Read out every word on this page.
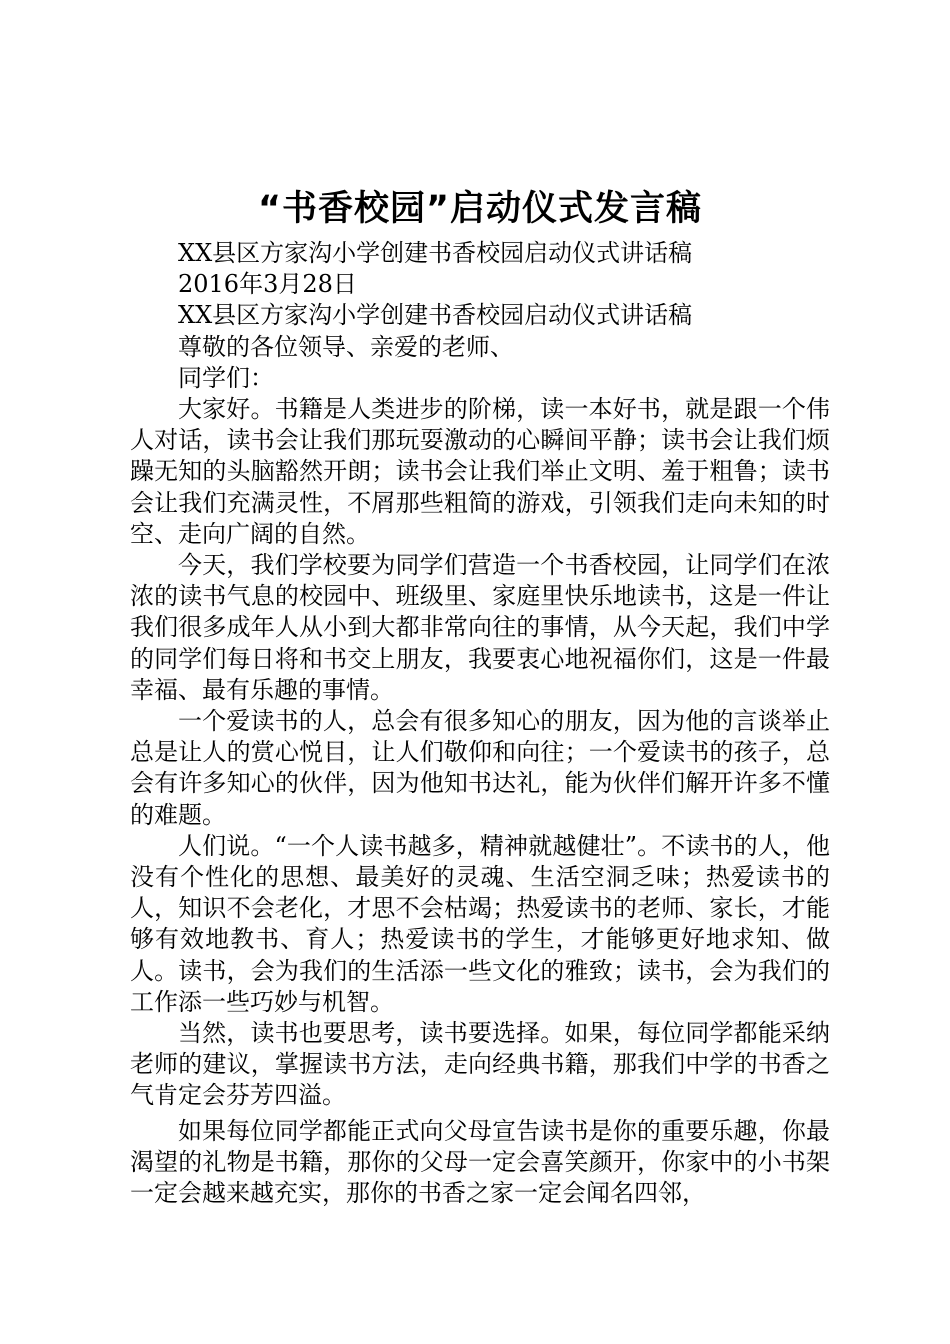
“书香校园”启动仪式发言稿

XX县区方家沟小学创建书香校园启动仪式讲话稿

2016年3月28日

XX县区方家沟小学创建书香校园启动仪式讲话稿

尊敬的各位领导、亲爱的老师、

同学们：

大家好。书籍是人类进步的阶梯，读一本好书，就是跟一个伟人对话，读书会让我们那玩耍激动的心瞬间平静；读书会让我们烦躁无知的头脑豁然开朗；读书会让我们举止文明、羞于粗鲁；读书会让我们充满灵性，不屑那些粗简的游戏，引领我们走向未知的时空、走向广阔的自然。

今天，我们学校要为同学们营造一个书香校园，让同学们在浓浓的读书气息的校园中、班级里、家庭里快乐地读书，这是一件让我们很多成年人从小到大都非常向往的事情，从今天起，我们中学的同学们每日将和书交上朋友，我要衷心地祝福你们，这是一件最幸福、最有乐趣的事情。

一个爱读书的人，总会有很多知心的朋友，因为他的言谈举止总是让人的赏心悦目，让人们敬仰和向往；一个爱读书的孩子，总会有许多知心的伙伴，因为他知书达礼，能为伙伴们解开许多不懂的难题。

人们说。“一个人读书越多，精神就越健壮”。不读书的人，他没有个性化的思想、最美好的灵魂、生活空洞乏味；热爱读书的人，知识不会老化，才思不会枯竭；热爱读书的老师、家长，才能够有效地教书、育人；热爱读书的学生，才能够更好地求知、做人。读书，会为我们的生活添一些文化的雅致；读书，会为我们的工作添一些巧妙与机智。

当然，读书也要思考，读书要选择。如果，每位同学都能采纳老师的建议，掌握读书方法，走向经典书籍，那我们中学的书香之气肯定会芬芳四溢。

如果每位同学都能正式向父母宣告读书是你的重要乐趣，你最渴望的礼物是书籍，那你的父母一定会喜笑颜开，你家中的小书架一定会越来越充实，那你的书香之家一定会闻名四邻，
